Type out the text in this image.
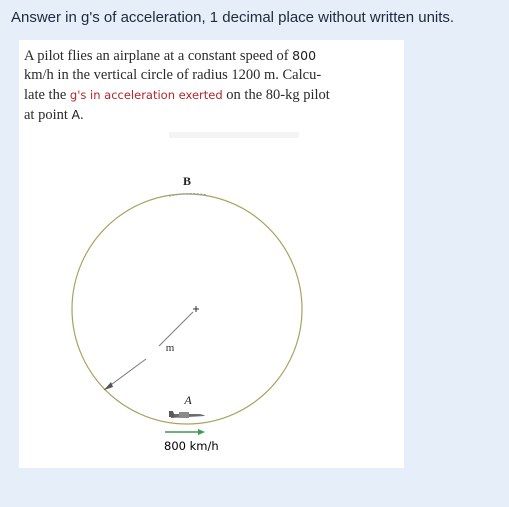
Answer in g's of acceleration, 1 decimal place without written units.
A pilot flies an airplane at a constant speed of 800
km/h in the vertical circle of radius 1200 m. Calcu-
late the g's in acceleration exerted on the 80-kg pilot
at point A.
B
A
m
800 km/h
